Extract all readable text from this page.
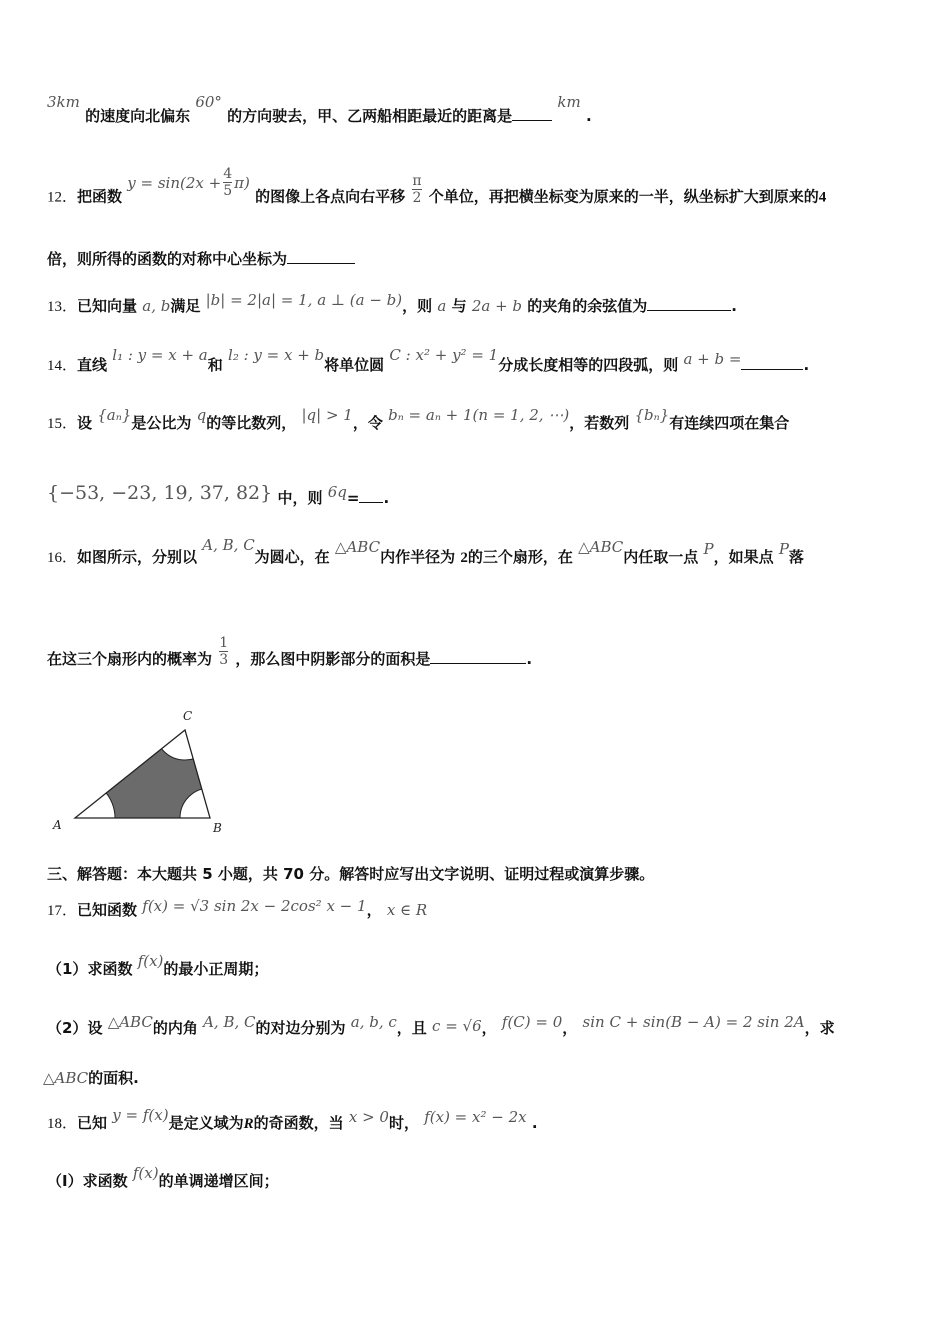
3km 的速度向北偏东 60° 的方向驶去，甲、乙两船相距最近的距离是 km .
12．把函数
$y = \sin(2x + \frac{4}{5} \pi)$
的图像上各点向右平移 $\frac{\pi}{2}$ 个单位，再把横坐标变为原来的一半，纵坐标扩大到原来的4
倍，则所得的函数的对称中心坐标为
13．已知向量 a, b满足 |b| = 2|a| = 1, a ⊥ (a − b)，则 a 与 2a + b 的夹角的余弦值为	.
14．直线 l₁ : y = x + a和 l₂ : y = x + b将单位圆 C : x² + y² = 1分成长度相等的四段弧，则 a + b =	.
15．设 {aₙ}是公比为 q的等比数列， |q| > 1，令 bₙ = aₙ + 1(n = 1, 2, ⋯)，若数列 {bₙ}有连续四项在集合
{−53, −23, 19, 37, 82} 中，则 6q= .
16．如图所示，分别以 A, B, C为圆心，在 △ABC内作半径为 2的三个扇形，在 △ABC内任取一点 P，如果点 P落
在这三个扇形内的概率为 $\frac{1}{3}$ ，那么图中阴影部分的面积是	.
A	B
C
三、解答题：本大题共 5 小题，共 70 分。解答时应写出文字说明、证明过程或演算步骤。
17．已知函数 f(x) = √3 sin 2x − 2cos² x − 1， x ∈ R
（1）求函数 f(x)的最小正周期；
（2）设 △ABC的内角 A, B, C的对边分别为 a, b, c，且 c = √6， f(C) = 0， sin C + sin(B − A) = 2 sin 2A，求
△ABC的面积.
18．已知 y = f(x)是定义域为R的奇函数，当 x > 0时， f(x) = x² − 2x .
（I）求函数 f(x)的单调递增区间；
